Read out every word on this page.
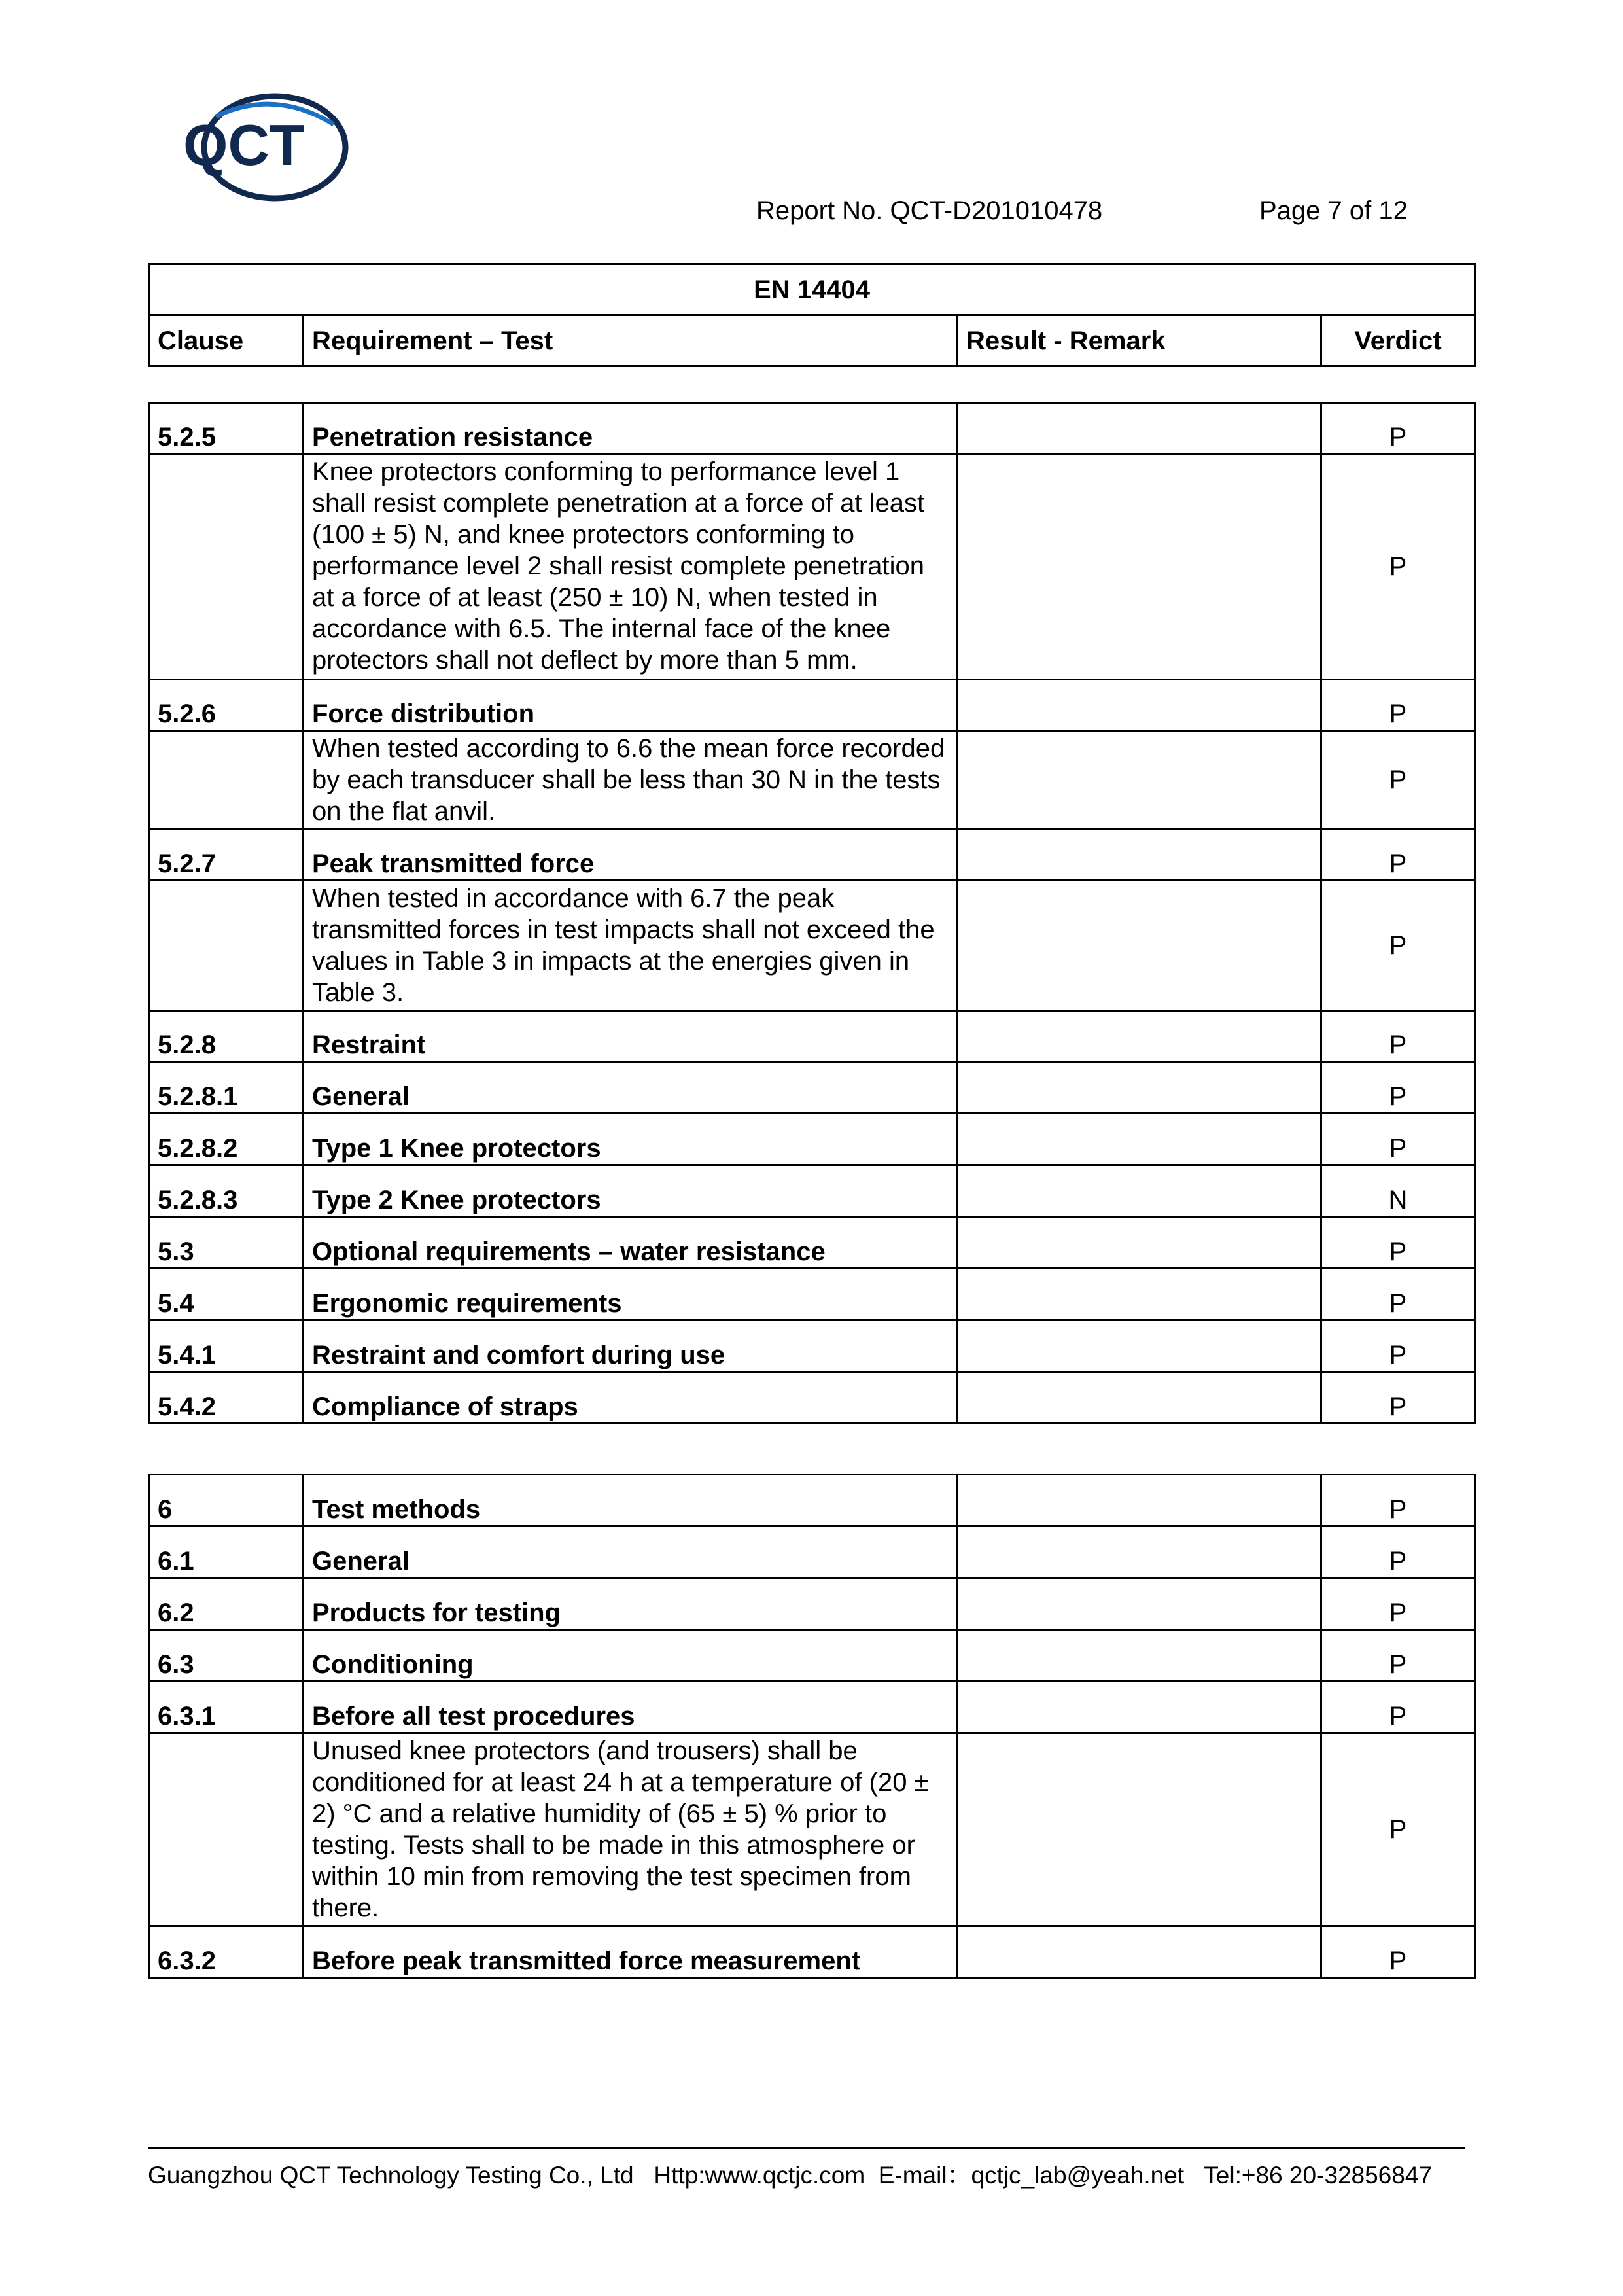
QCT
Report No. QCT-D201010478	Page 7 of 12
EN 14404
Clause	Requirement – Test	Result - Remark	Verdict
5.2.5	Penetration resistance		P
	Knee protectors conforming to performance level 1 shall resist complete penetration at a force of at least (100 ± 5) N, and knee protectors conforming to performance level 2 shall resist complete penetration at a force of at least (250 ± 10) N, when tested in accordance with 6.5. The internal face of the knee protectors shall not deflect by more than 5 mm.		P
5.2.6	Force distribution		P
	When tested according to 6.6 the mean force recorded by each transducer shall be less than 30 N in the tests on the flat anvil.		P
5.2.7	Peak transmitted force		P
	When tested in accordance with 6.7 the peak transmitted forces in test impacts shall not exceed the values in Table 3 in impacts at the energies given in Table 3.		P
5.2.8	Restraint		P
5.2.8.1	General		P
5.2.8.2	Type 1 Knee protectors		P
5.2.8.3	Type 2 Knee protectors		N
5.3	Optional requirements – water resistance		P
5.4	Ergonomic requirements		P
5.4.1	Restraint and comfort during use		P
5.4.2	Compliance of straps		P
6	Test methods		P
6.1	General		P
6.2	Products for testing		P
6.3	Conditioning		P
6.3.1	Before all test procedures		P
	Unused knee protectors (and trousers) shall be conditioned for at least 24 h at a temperature of (20 ± 2) °C and a relative humidity of (65 ± 5) % prior to testing. Tests shall to be made in this atmosphere or within 10 min from removing the test specimen from there.		P
6.3.2	Before peak transmitted force measurement		P
Guangzhou QCT Technology Testing Co., Ltd   Http:www.qctjc.com  E-mail：qctjc_lab@yeah.net   Tel:+86 20-32856847
